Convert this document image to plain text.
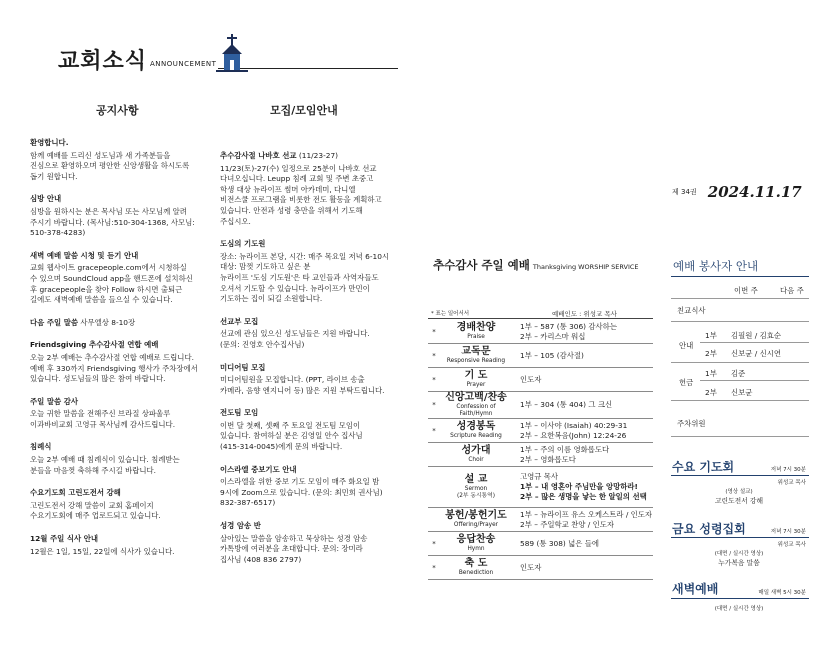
교회소식 ANNOUNCEMENT
공지사항	모집/모임안내
환영합니다.
함께 예배를 드리신 성도님과 새 가족분들을
진심으로 환영하오며 평안한 신앙생활을 하시도록
돕기 원합니다.
심방 안내
심방을 원하시는 분은 목사님 또는 사모님께 알려
주시기 바랍니다. (목사님:510-304-1368, 사모님:
510-378-4283)
새벽 예배 말씀 시청 및 듣기 안내
교회 웹사이트 gracepeople.com에서 시청하실
수 있으며 SoundCloud app을 핸드폰에 설치하신
후 gracepeople을 찾아 Follow 하시면 출퇴근
길에도 새벽예배 말씀을 들으실 수 있습니다.
다음 주일 말씀 사무엘상 8-10장
Friendsgiving 추수감사절 연합 예배
오늘 2부 예배는 추수감사절 연합 예배로 드립니다.
예배 후 330까지 Friendsgiving 행사가 주차장에서
있습니다. 성도님들의 많은 참여 바랍니다.
주일 말씀 감사
오늘 귀한 말씀을 전해주신 브라질 상파울루
이과바비교회 고영규 목사님께 감사드립니다.
침례식
오늘 2부 예배 때 침례식이 있습니다. 침례받는
분들을 마음껏 축하해 주시길 바랍니다.
수요기도회 고린도전서 강해
고린도전서 강해 말씀이 교회 홈페이지
수요기도회에 매주 업로드되고 있습니다.
12월 주일 식사 안내
12월은 1일, 15일, 22일에 식사가 있습니다.
추수감사절 나바호 선교 (11/23-27)
11/23(토)-27(수) 일정으로 25분이 나바호 선교
다녀오십니다. Leupp 침례 교회 및 주변 초중고
학생 대상 뉴라이프 썸머 아카데미, 다니엘
비전스쿨 프로그램을 비롯한 전도 활동을 계획하고
있습니다. 안전과 성령 충만을 위해서 기도해
주십시오.
도심의 기도원
장소: 뉴라이프 본당, 시간: 매주 목요일 저녁 6-10시
대상: 맘껏 기도하고 싶은 분
뉴라이프 '도심 기도원'은 타 교인들과 사역자들도
오셔서 기도할 수 있습니다. 뉴라이프가 만민이
기도하는 집이 되길 소원합니다.
선교부 모집
선교에 관심 있으신 성도님들은 지원 바랍니다.
(문의: 진영호 안수집사님)
미디어팀 모집
미디어팀원을 모집합니다. (PPT, 라이브 송출
카메라, 음향 엔지니어 등) 많은 지원 부탁드립니다.
전도팀 모임
이번 달 첫째, 셋째 주 토요일 전도팀 모임이
있습니다. 참여하실 분은 김영일 안수 집사님
(415-314-0045)에게 문의 바랍니다.
이스라엘 중보기도 안내
이스라엘을 위한 중보 기도 모임이 매주 화요일 밤
9시에 Zoom으로 있습니다. (문의: 최민희 권사님)
832-387-6517)
성경 암송 반
살아있는 말씀을 암송하고 묵상하는 성경 암송
카톡방에 여러분을 초대합니다. 문의: 장미라
집사님 (408 836 2797)
제 34권 2024.11.17
추수감사 주일 예배 Thanksgiving WORSHIP SERVICE
* 표는 일어서서	예배인도 : 위성교 목사
*	경배찬양
Praise	1부 – 587 (통 306) 감사하는
2부 – 카리스마 워십

*	교독문
Responsive Reading	1부 – 105 (감사절)

*	기 도
Prayer	인도자

*	신앙고백/찬송
Confession of Faith/Hymn	1부 – 304 (통 404) 그 크신

*	성경봉독
Scripture Reading	1부 – 이사야 (Isaiah) 40:29-31
2부 – 요한복음(John) 12:24-26

	성가대
Choir	1부 – 주의 이름 영화롭도다
2부 – 영화롭도다

	설 교
Sermon
(2부 동시통역)	고영규 목사
1부 – 내 영혼아 주님만을 앙망하라!
2부 – 많은 생명을 낳는 한 알일의 선택

	봉헌/봉헌기도
Offering/Prayer	1부 – 뉴라이프 유스 오케스트라 / 인도자
2부 – 주일학교 찬양 / 인도자

*	응답찬송
Hymn	589 (통 308) 넓은 들에

*	축 도
Benediction	인도자
예배 봉사자 안내
이번 주	다음 주
친교식사
안내
1부 김필원 / 김효순
2부 신보균 / 신시연
헌금
1부 김준
2부 신보균
주차위원
수요 기도회	저녁 7시 30분
위성교 목사
(영상 설교)
고린도전서 강해
금요 성령집회	저녁 7시 30분
위성교 목사
(대면 / 실시간 영상)
누가복음 말씀
새벽예배	매일 새벽 5시 30분
(대면 / 실시간 영상)
